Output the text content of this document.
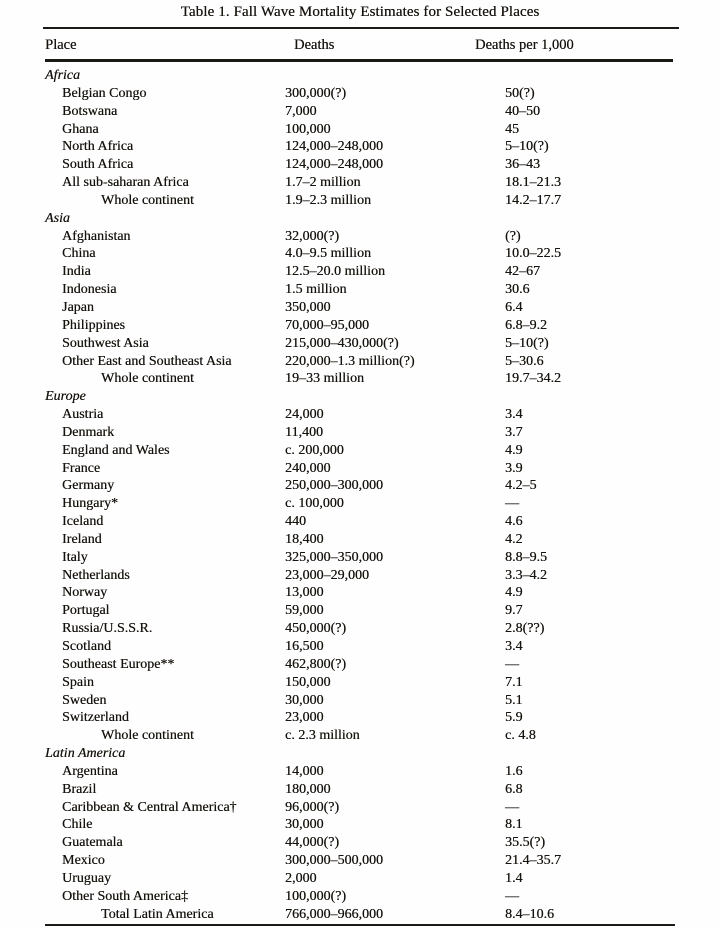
Table 1. Fall Wave Mortality Estimates for Selected Places
Place	Deaths	Deaths per 1,000
Africa
Belgian Congo	300,000(?)	50(?)
Botswana	7,000	40–50
Ghana	100,000	45
North Africa	124,000–248,000	5–10(?)
South Africa	124,000–248,000	36–43
All sub-saharan Africa	1.7–2 million	18.1–21.3
Whole continent	1.9–2.3 million	14.2–17.7
Asia
Afghanistan	32,000(?)	(?)
China	4.0–9.5 million	10.0–22.5
India	12.5–20.0 million	42–67
Indonesia	1.5 million	30.6
Japan	350,000	6.4
Philippines	70,000–95,000	6.8–9.2
Southwest Asia	215,000–430,000(?)	5–10(?)
Other East and Southeast Asia	220,000–1.3 million(?)	5–30.6
Whole continent	19–33 million	19.7–34.2
Europe
Austria	24,000	3.4
Denmark	11,400	3.7
England and Wales	c. 200,000	4.9
France	240,000	3.9
Germany	250,000–300,000	4.2–5
Hungary*	c. 100,000	—
Iceland	440	4.6
Ireland	18,400	4.2
Italy	325,000–350,000	8.8–9.5
Netherlands	23,000–29,000	3.3–4.2
Norway	13,000	4.9
Portugal	59,000	9.7
Russia/U.S.S.R.	450,000(?)	2.8(??)
Scotland	16,500	3.4
Southeast Europe**	462,800(?)	—
Spain	150,000	7.1
Sweden	30,000	5.1
Switzerland	23,000	5.9
Whole continent	c. 2.3 million	c. 4.8
Latin America
Argentina	14,000	1.6
Brazil	180,000	6.8
Caribbean & Central America†	96,000(?)	—
Chile	30,000	8.1
Guatemala	44,000(?)	35.5(?)
Mexico	300,000–500,000	21.4–35.7
Uruguay	2,000	1.4
Other South America‡	100,000(?)	—
Total Latin America	766,000–966,000	8.4–10.6
